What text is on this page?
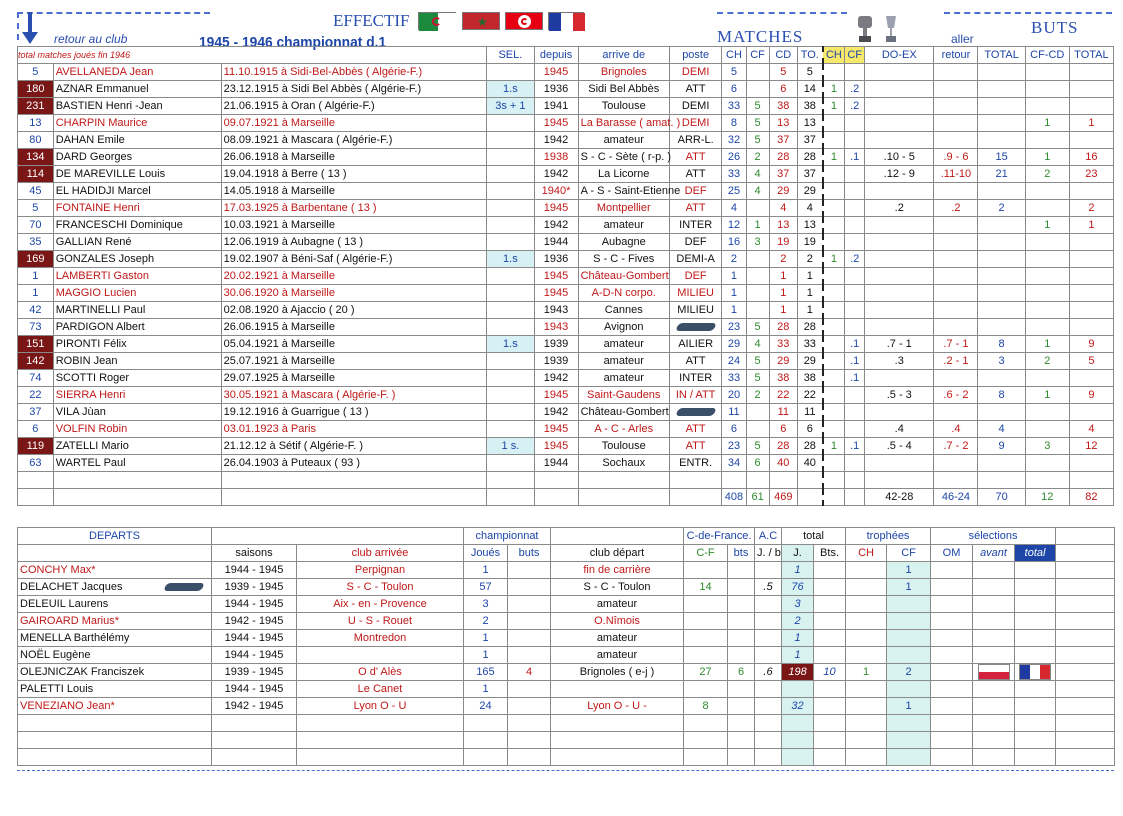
retour au club
total matches joués fin 1946
EFFECTIF
1945 - 1946 championnat d.1
★
MATCHES	aller
BUTS
			SEL.	depuis	arrive de	poste	CH	CF	CD	TO.	CH	CF	DO-EX	retour	TOTAL	CF-CD	TOTAL
5	AVELLANEDA Jean	11.10.1915 à Sidi-Bel-Abbès ( Algérie-F.)		1945	Brignoles	DEMI	5		5	5							
180	AZNAR Emmanuel	23.12.1915 à Sidi Bel Abbès ( Algérie-F.)	1.s	1936	Sidi Bel Abbès	ATT	6		6	14	1	.2					
231	BASTIEN Henri -Jean	21.06.1915 à Oran ( Algérie-F.)	3s + 1	1941	Toulouse	DEMI	33	5	38	38	1	.2					
13	CHARPIN Maurice	09.07.1921 à Marseille		1945	La Barasse ( amat. )	DEMI	8	5	13	13						1	1
80	DAHAN Emile	08.09.1921 à Mascara ( Algérie-F.)		1942	amateur	ARR-L.	32	5	37	37							
134	DARD Georges	26.06.1918 à Marseille		1938	S - C - Sète ( r-p. )	ATT	26	2	28	28	1	.1	.10 - 5	.9 - 6	15	1	16
114	DE MAREVILLE Louis	19.04.1918 à Berre ( 13 )		1942	La Licorne	ATT	33	4	37	37			.12 - 9	.11-10	21	2	23
45	EL HADIDJI Marcel	14.05.1918 à Marseille		1940*	A - S - Saint-Etienne	DEF	25	4	29	29							
5	FONTAINE Henri	17.03.1925 à Barbentane ( 13 )		1945	Montpellier	ATT	4		4	4			.2	.2	2		2
70	FRANCESCHI Dominique	10.03.1921 à Marseille		1942	amateur	INTER	12	1	13	13						1	1
35	GALLIAN René	12.06.1919 à Aubagne ( 13 )		1944	Aubagne	DEF	16	3	19	19							
169	GONZALES Joseph	19.02.1907 à Béni-Saf ( Algérie-F.)	1.s	1936	S - C - Fives	DEMI-A	2		2	2	1	.2					
1	LAMBERTI Gaston	20.02.1921 à Marseille		1945	Château-Gombert	DEF	1		1	1							
1	MAGGIO Lucien	30.06.1920 à Marseille		1945	A-D-N corpo.	MILIEU	1		1	1							
42	MARTINELLI Paul	02.08.1920 à Ajaccio ( 20 )		1943	Cannes	MILIEU	1		1	1							
73	PARDIGON Albert	26.06.1915 à Marseille		1943	Avignon		23	5	28	28							
151	PIRONTI Félix	05.04.1921 à Marseille	1.s	1939	amateur	AILIER	29	4	33	33		.1	.7 - 1	.7 - 1	8	1	9
142	ROBIN Jean	25.07.1921 à Marseille		1939	amateur	ATT	24	5	29	29		.1	.3	.2 - 1	3	2	5
74	SCOTTI Roger	29.07.1925 à Marseille		1942	amateur	INTER	33	5	38	38		.1					
22	SIERRA Henri	30.05.1921 à Mascara ( Algérie-F. )		1945	Saint-Gaudens	IN / ATT	20	2	22	22			.5 - 3	.6 - 2	8	1	9
37	VILA Jùan	19.12.1916 à Guarrigue ( 13 )		1942	Château-Gombert		11		11	11							
6	VOLFIN Robin	03.01.1923 à Paris		1945	A - C - Arles	ATT	6		6	6			.4	.4	4		4
119	ZATELLI Mario	21.12.12 à Sétif ( Algérie-F. )	1 s.	1945	Toulouse	ATT	23	5	28	28	1	.1	.5 - 4	.7 - 2	9	3	12
63	WARTEL Paul	26.04.1903 à Puteaux ( 93 )		1944	Sochaux	ENTR.	34	6	40	40							

							408	61	469				42-28	46-24	70	12	82
DEPARTS			championnat			C-de-France.		A.C	total		trophées		sélections			
	saisons	club arrivée	Joués	buts	club départ	C-F	bts	J. / b	J.	Bts.	CH	CF	OM	avant	total	
CONCHY Max*	1944 - 1945	Perpignan	1		fin de carrière				1			1				
DELACHET Jacques	1939 - 1945	S - C - Toulon	57		S - C - Toulon	14		.5	76			1				
DELEUIL Laurens	1944 - 1945	Aix - en - Provence	3		amateur				3							
GAIROARD Marius*	1942 - 1945	U - S - Rouet	2		O.Nîmois				2							
MENELLA Barthélémy	1944 - 1945	Montredon	1		amateur				1							
NOËL Eugène	1944 - 1945		1		amateur				1							
OLEJNICZAK Franciszek	1939 - 1945	O d' Alès	165	4	Brignoles ( e-j )	27	6	.6	198	10	1	2				
PALETTI Louis	1944 - 1945	Le Canet	1													
VENEZIANO Jean*	1942 - 1945	Lyon O - U	24		Lyon O - U -	8			32			1				
